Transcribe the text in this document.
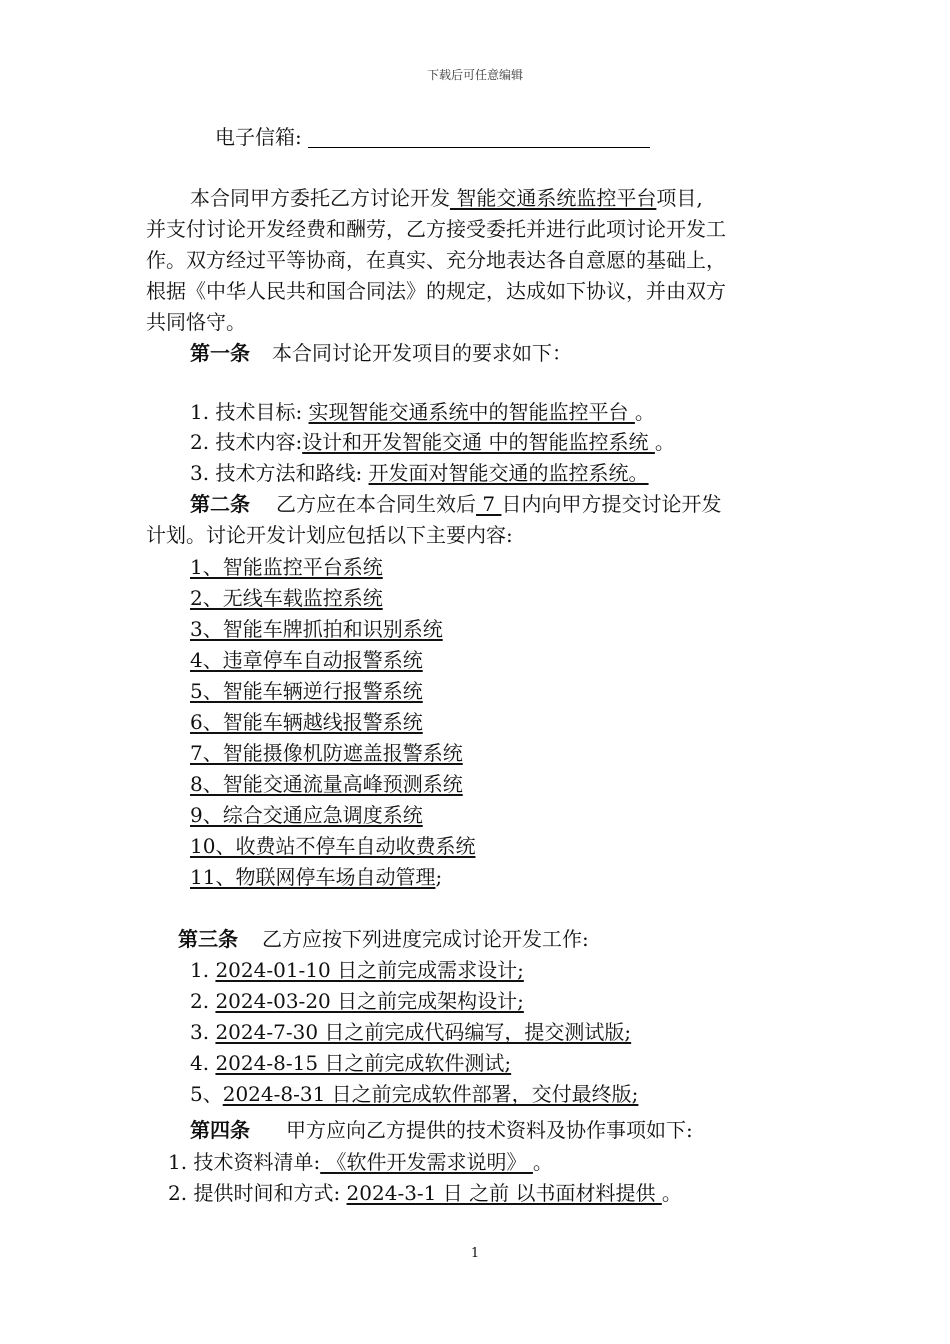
下载后可任意编辑
电子信箱:
本合同甲方委托乙方讨论开发 智能交通系统监控平台项目,
并支付讨论开发经费和酬劳，乙方接受委托并进行此项讨论开发工
作。双方经过平等协商，在真实、充分地表达各自意愿的基础上，
根据《中华人民共和国合同法》的规定，达成如下协议，并由双方
共同恪守。
第一条 本合同讨论开发项目的要求如下：
1. 技术目标: 实现智能交通系统中的智能监控平台 。
2. 技术内容:设计和开发智能交通 中的智能监控系统 。
3. 技术方法和路线: 开发面对智能交通的监控系统。
第二条 乙方应在本合同生效后 7 日内向甲方提交讨论开发
计划。讨论开发计划应包括以下主要内容:
1、智能监控平台系统
2、无线车载监控系统
3、智能车牌抓拍和识别系统
4、违章停车自动报警系统
5、智能车辆逆行报警系统
6、智能车辆越线报警系统
7、智能摄像机防遮盖报警系统
8、智能交通流量高峰预测系统
9、综合交通应急调度系统
10、收费站不停车自动收费系统
11、物联网停车场自动管理;
第三条 乙方应按下列进度完成讨论开发工作:
1. 2024-01-10 日之前完成需求设计;
2. 2024-03-20 日之前完成架构设计;
3. 2024-7-30 日之前完成代码编写，提交测试版;
4. 2024-8-15 日之前完成软件测试;
5、2024-8-31 日之前完成软件部署，交付最终版;
第四条 甲方应向乙方提供的技术资料及协作事项如下:
1. 技术资料清单: 《软件开发需求说明》 。
2. 提供时间和方式: 2024-3-1 日 之前 以书面材料提供 。
1
